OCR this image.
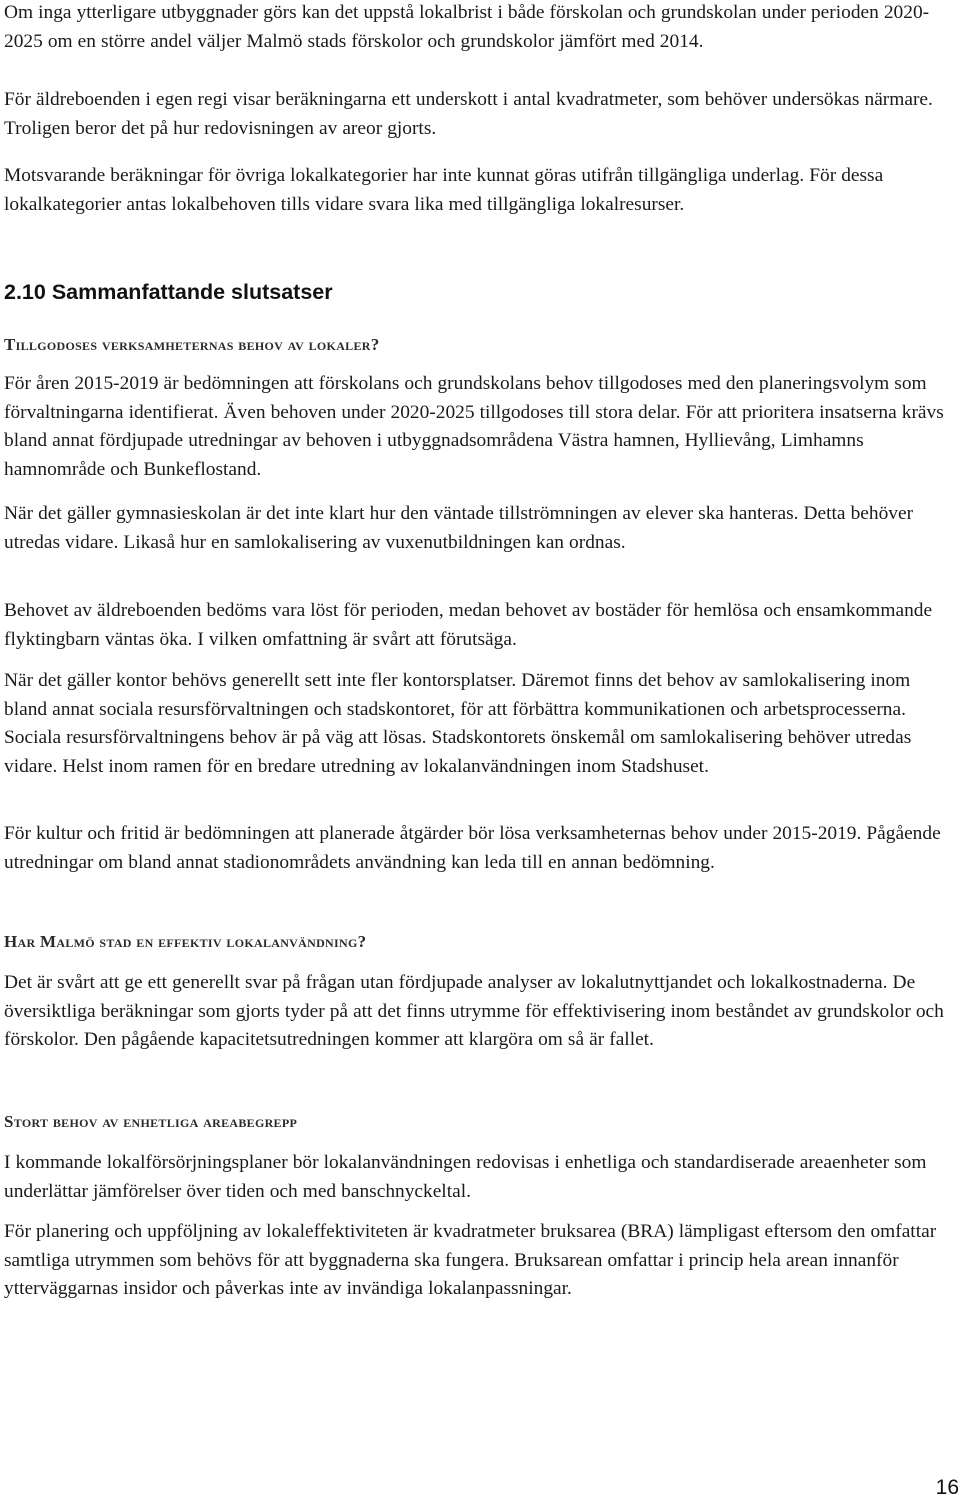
Om inga ytterligare utbyggnader görs kan det uppstå lokalbrist i både förskolan och grundskolan under perioden 2020-2025 om en större andel väljer Malmö stads förskolor och grundskolor jämfört med 2014.

För äldreboenden i egen regi visar beräkningarna ett underskott i antal kvadratmeter, som behöver undersökas närmare. Troligen beror det på hur redovisningen av areor gjorts.

Motsvarande beräkningar för övriga lokalkategorier har inte kunnat göras utifrån tillgängliga underlag. För dessa lokalkategorier antas lokalbehoven tills vidare svara lika med tillgängliga lokalresurser.

2.10 Sammanfattande slutsatser
Tillgodoses verksamheternas behov av lokaler?

För åren 2015-2019 är bedömningen att förskolans och grundskolans behov tillgodoses med den planeringsvolym som förvaltningarna identifierat. Även behoven under 2020-2025 tillgodoses till stora delar. För att prioritera insatserna krävs bland annat fördjupade utredningar av behoven i utbyggnadsområdena Västra hamnen, Hyllievång, Limhamns hamnområde och Bunkeflostand.

När det gäller gymnasieskolan är det inte klart hur den väntade tillströmningen av elever ska hanteras. Detta behöver utredas vidare. Likaså hur en samlokalisering av vuxenutbildningen kan ordnas.

Behovet av äldreboenden bedöms vara löst för perioden, medan behovet av bostäder för hemlösa och ensamkommande flyktingbarn väntas öka. I vilken omfattning är svårt att förutsäga.

När det gäller kontor behövs generellt sett inte fler kontorsplatser. Däremot finns det behov av samlokalisering inom bland annat sociala resursförvaltningen och stadskontoret, för att förbättra kommunikationen och arbetsprocesserna. Sociala resursförvaltningens behov är på väg att lösas. Stadskontorets önskemål om samlokalisering behöver utredas vidare. Helst inom ramen för en bredare utredning av lokalanvändningen inom Stadshuset.

För kultur och fritid är bedömningen att planerade åtgärder bör lösa verksamheternas behov under 2015-2019. Pågående utredningar om bland annat stadionområdets användning kan leda till en annan bedömning.

Har Malmö stad en effektiv lokalanvändning?

Det är svårt att ge ett generellt svar på frågan utan fördjupade analyser av lokalutnyttjandet och lokalkostnaderna. De översiktliga beräkningar som gjorts tyder på att det finns utrymme för effektivisering inom beståndet av grundskolor och förskolor. Den pågående kapacitetsutredningen kommer att klargöra om så är fallet.

Stort behov av enhetliga areabegrepp

I kommande lokalförsörjningsplaner bör lokalanvändningen redovisas i enhetliga och standardiserade areaenheter som underlättar jämförelser över tiden och med banschnyckeltal.

För planering och uppföljning av lokaleffektiviteten är kvadratmeter bruksarea (BRA) lämpligast eftersom den omfattar samtliga utrymmen som behövs för att byggnaderna ska fungera. Bruksarean omfattar i princip hela arean innanför ytterväggarnas insidor och påverkas inte av invändiga lokalanpassningar.

16
